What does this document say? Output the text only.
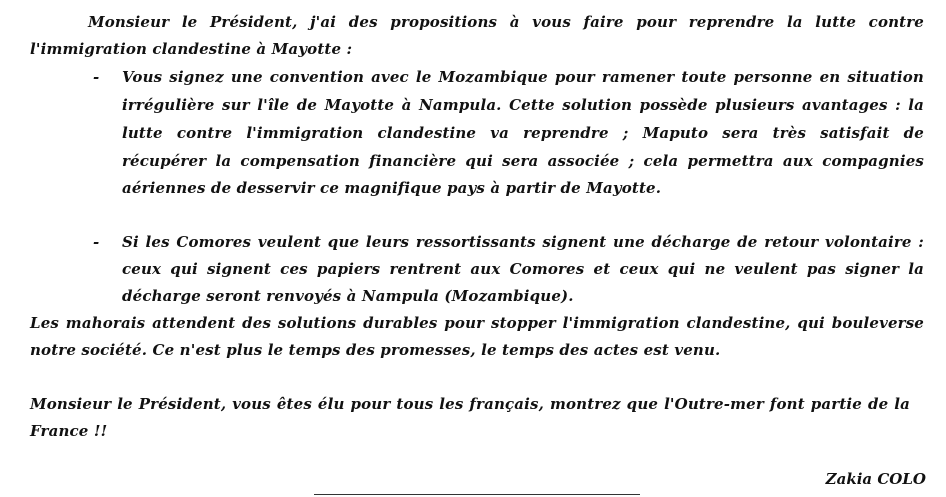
Monsieur le Président, j'ai des propositions à vous faire pour reprendre la lutte contre
l'immigration clandestine à Mayotte :
- Vous signez une convention avec le Mozambique pour ramener toute personne en situation
irrégulière sur l'île de Mayotte à Nampula. Cette solution possède plusieurs avantages : la
lutte contre l'immigration clandestine va reprendre ; Maputo sera très satisfait de
récupérer la compensation financière qui sera associée ; cela permettra aux compagnies
aériennes de desservir ce magnifique pays à partir de Mayotte.
- Si les Comores veulent que leurs ressortissants signent une décharge de retour volontaire :
ceux qui signent ces papiers rentrent aux Comores et ceux qui ne veulent pas signer la
décharge seront renvoyés à Nampula (Mozambique).
Les mahorais attendent des solutions durables pour stopper l'immigration clandestine, qui bouleverse
notre société. Ce n'est plus le temps des promesses, le temps des actes est venu.
Monsieur le Président, vous êtes élu pour tous les français, montrez que l'Outre-mer font partie de la
France !!
Zakia COLO
